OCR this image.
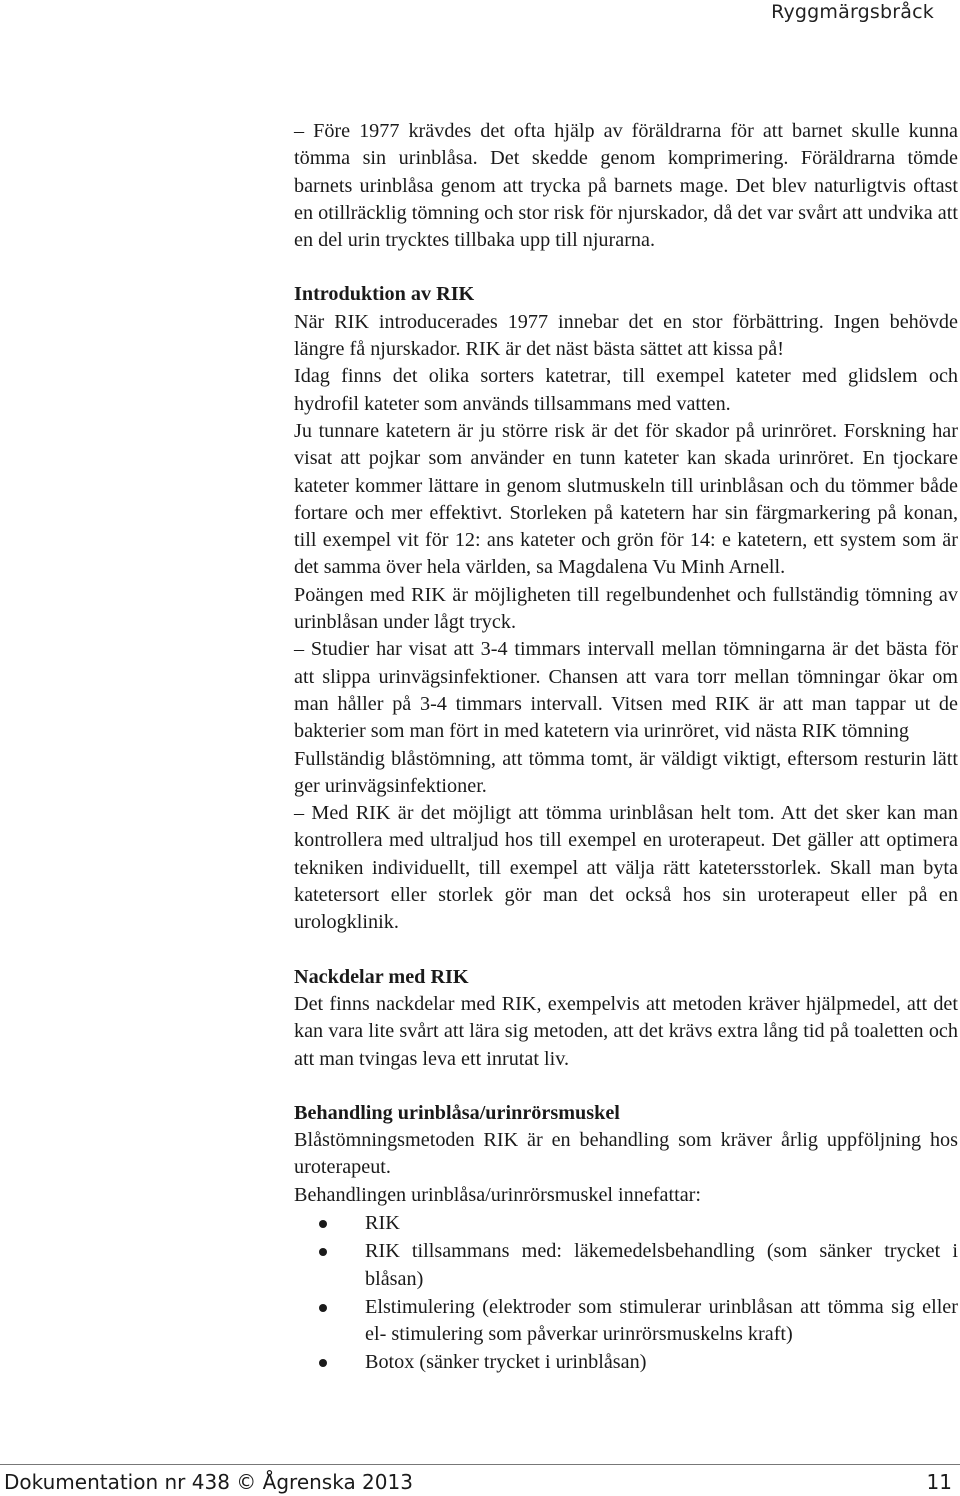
Ryggmärgsbråck

– Före 1977 krävdes det ofta hjälp av föräldrarna för att barnet skulle kunna tömma sin urinblåsa. Det skedde genom komprimering. Föräldrarna tömde barnets urinblåsa genom att trycka på barnets mage. Det blev naturligtvis oftast en otillräcklig tömning och stor risk för njurskador, då det var svårt att undvika att en del urin trycktes tillbaka upp till njurarna.

Introduktion av RIK

När RIK introducerades 1977 innebar det en stor förbättring. Ingen behövde längre få njurskador. RIK är det näst bästa sättet att kissa på!

Idag finns det olika sorters katetrar, till exempel kateter med glidslem och hydrofil kateter som används tillsammans med vatten.

Ju tunnare katetern är ju större risk är det för skador på urinröret. Forskning har visat att pojkar som använder en tunn kateter kan skada urinröret. En tjockare kateter kommer lättare in genom slutmuskeln till urinblåsan och du tömmer både fortare och mer effektivt. Storleken på katetern har sin färgmarkering på konan, till exempel vit för 12: ans kateter och grön för 14: e katetern, ett system som är det samma över hela världen, sa Magdalena Vu Minh Arnell.

Poängen med RIK är möjligheten till regelbundenhet och fullständig tömning av urinblåsan under lågt tryck.

– Studier har visat att 3-4 timmars intervall mellan tömningarna är det bästa för att slippa urinvägsinfektioner. Chansen att vara torr mellan tömningar ökar om man håller på 3-4 timmars intervall. Vitsen med RIK är att man tappar ut de bakterier som man fört in med katetern via urinröret, vid nästa RIK tömning

Fullständig blåstömning, att tömma tomt, är väldigt viktigt, eftersom resturin lätt ger urinvägsinfektioner.

– Med RIK är det möjligt att tömma urinblåsan helt tom. Att det sker kan man kontrollera med ultraljud hos till exempel en uroterapeut. Det gäller att optimera tekniken individuellt, till exempel att välja rätt katetersstorlek. Skall man byta katetersort eller storlek gör man det också hos sin uroterapeut eller på en urologklinik.

Nackdelar med RIK

Det finns nackdelar med RIK, exempelvis att metoden kräver hjälpmedel, att det kan vara lite svårt att lära sig metoden, att det krävs extra lång tid på toaletten och att man tvingas leva ett inrutat liv.

Behandling urinblåsa/urinrörsmuskel

Blåstömningsmetoden RIK är en behandling som kräver årlig uppföljning hos uroterapeut.

Behandlingen urinblåsa/urinrörsmuskel innefattar:

RIK
RIK tillsammans med: läkemedelsbehandling (som sänker trycket i blåsan)
Elstimulering (elektroder som stimulerar urinblåsan att tömma sig eller el- stimulering som påverkar urinrörsmuskelns kraft)
Botox (sänker trycket i urinblåsan)
Dokumentation nr 438 © Ågrenska 2013	11
